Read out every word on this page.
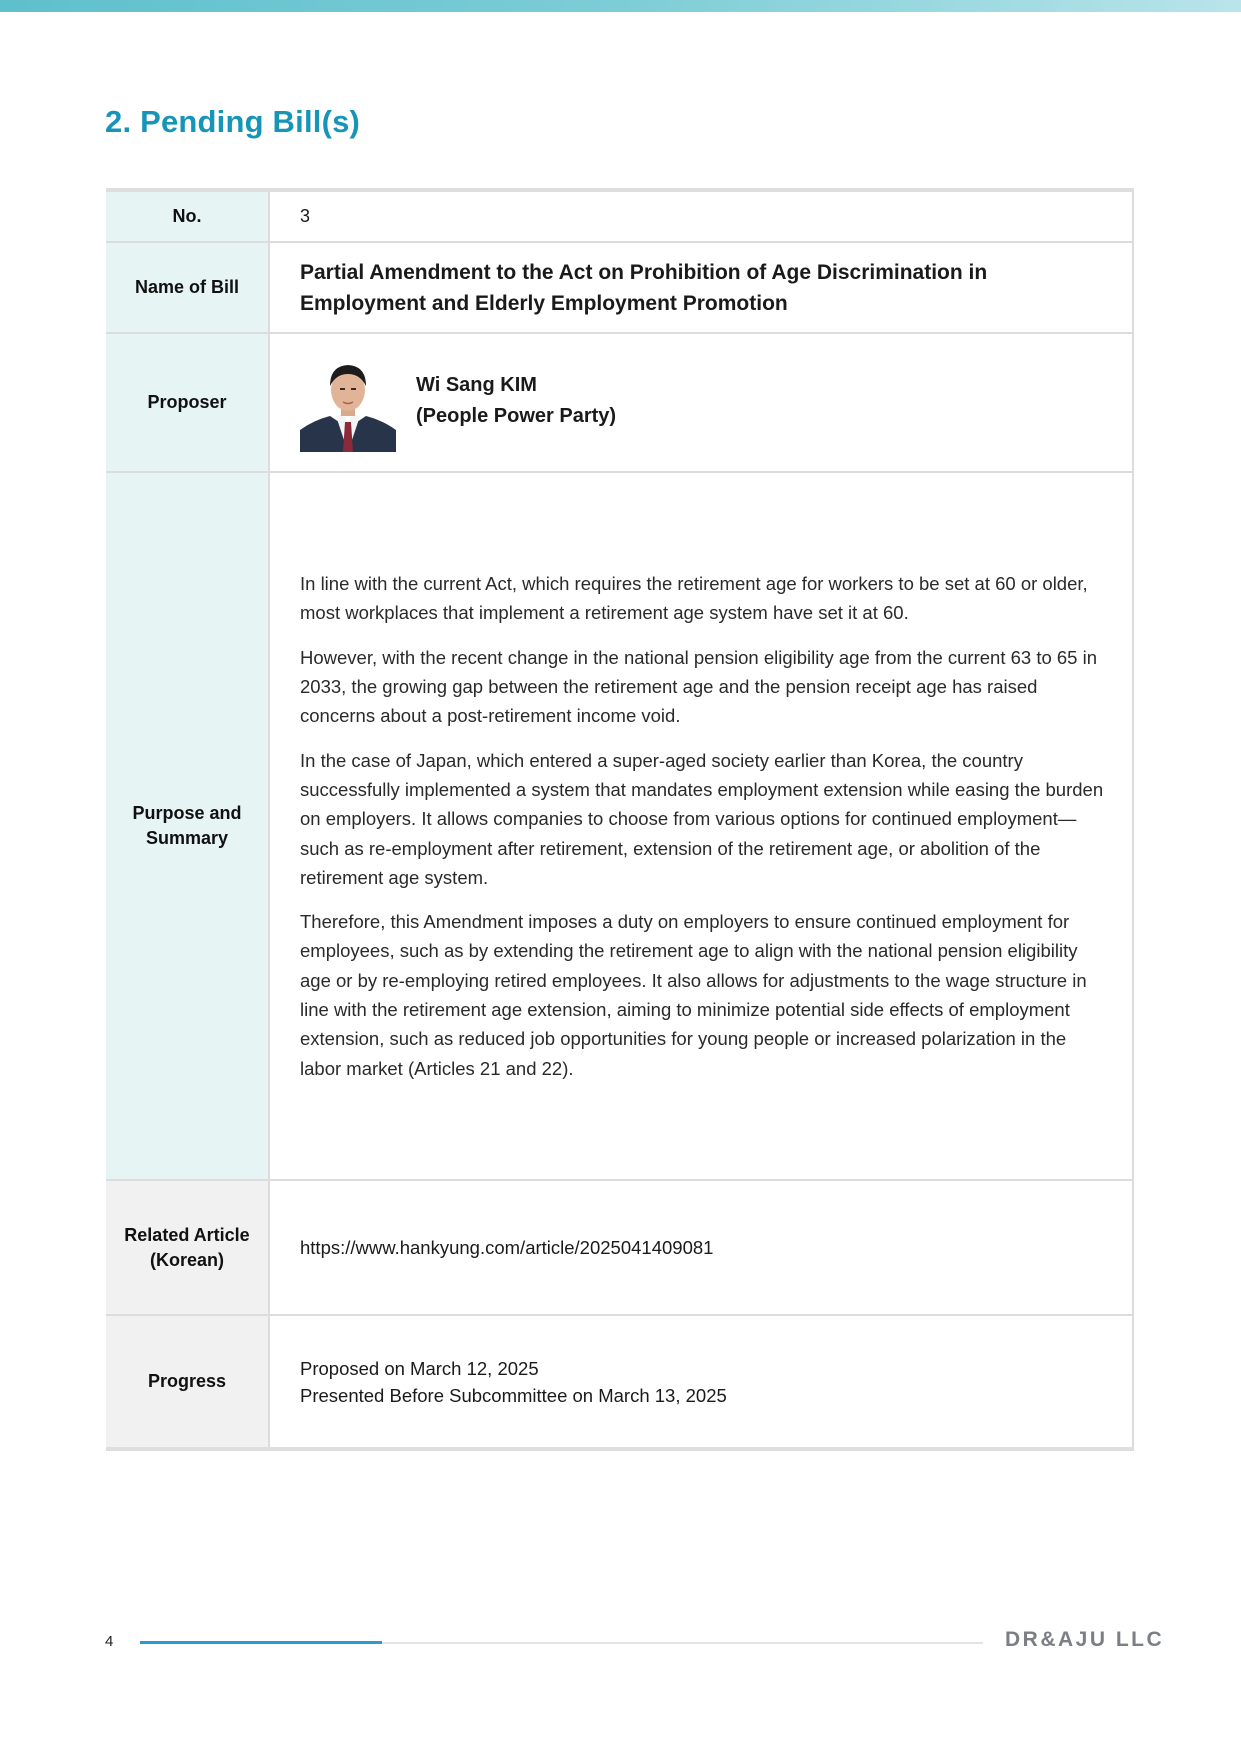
2. Pending Bill(s)
No.	3
Name of Bill	Partial Amendment to the Act on Prohibition of Age Discrimination in Employment and Elderly Employment Promotion

Proposer	Wi Sang KIM
(People Power Party)

Purpose and Summary	In line with the current Act, which requires the retirement age for workers to be set at 60 or older, most workplaces that implement a retirement age system have set it at 60.

However, with the recent change in the national pension eligibility age from the current 63 to 65 in 2033, the growing gap between the retirement age and the pension receipt age has raised concerns about a post-retirement income void.

In the case of Japan, which entered a super-aged society earlier than Korea, the country successfully implemented a system that mandates employment extension while easing the burden on employers. It allows companies to choose from various options for continued employment—such as re-employment after retirement, extension of the retirement age, or abolition of the retirement age system.

Therefore, this Amendment imposes a duty on employers to ensure continued employment for employees, such as by extending the retirement age to align with the national pension eligibility age or by re-employing retired employees. It also allows for adjustments to the wage structure in line with the retirement age extension, aiming to minimize potential side effects of employment extension, such as reduced job opportunities for young people or increased polarization in the labor market (Articles 21 and 22).

Related Article (Korean)	https://www.hankyung.com/article/2025041409081
Progress	Proposed on March 12, 2025
Presented Before Subcommittee on March 13, 2025
4	DR&AJU LLC
